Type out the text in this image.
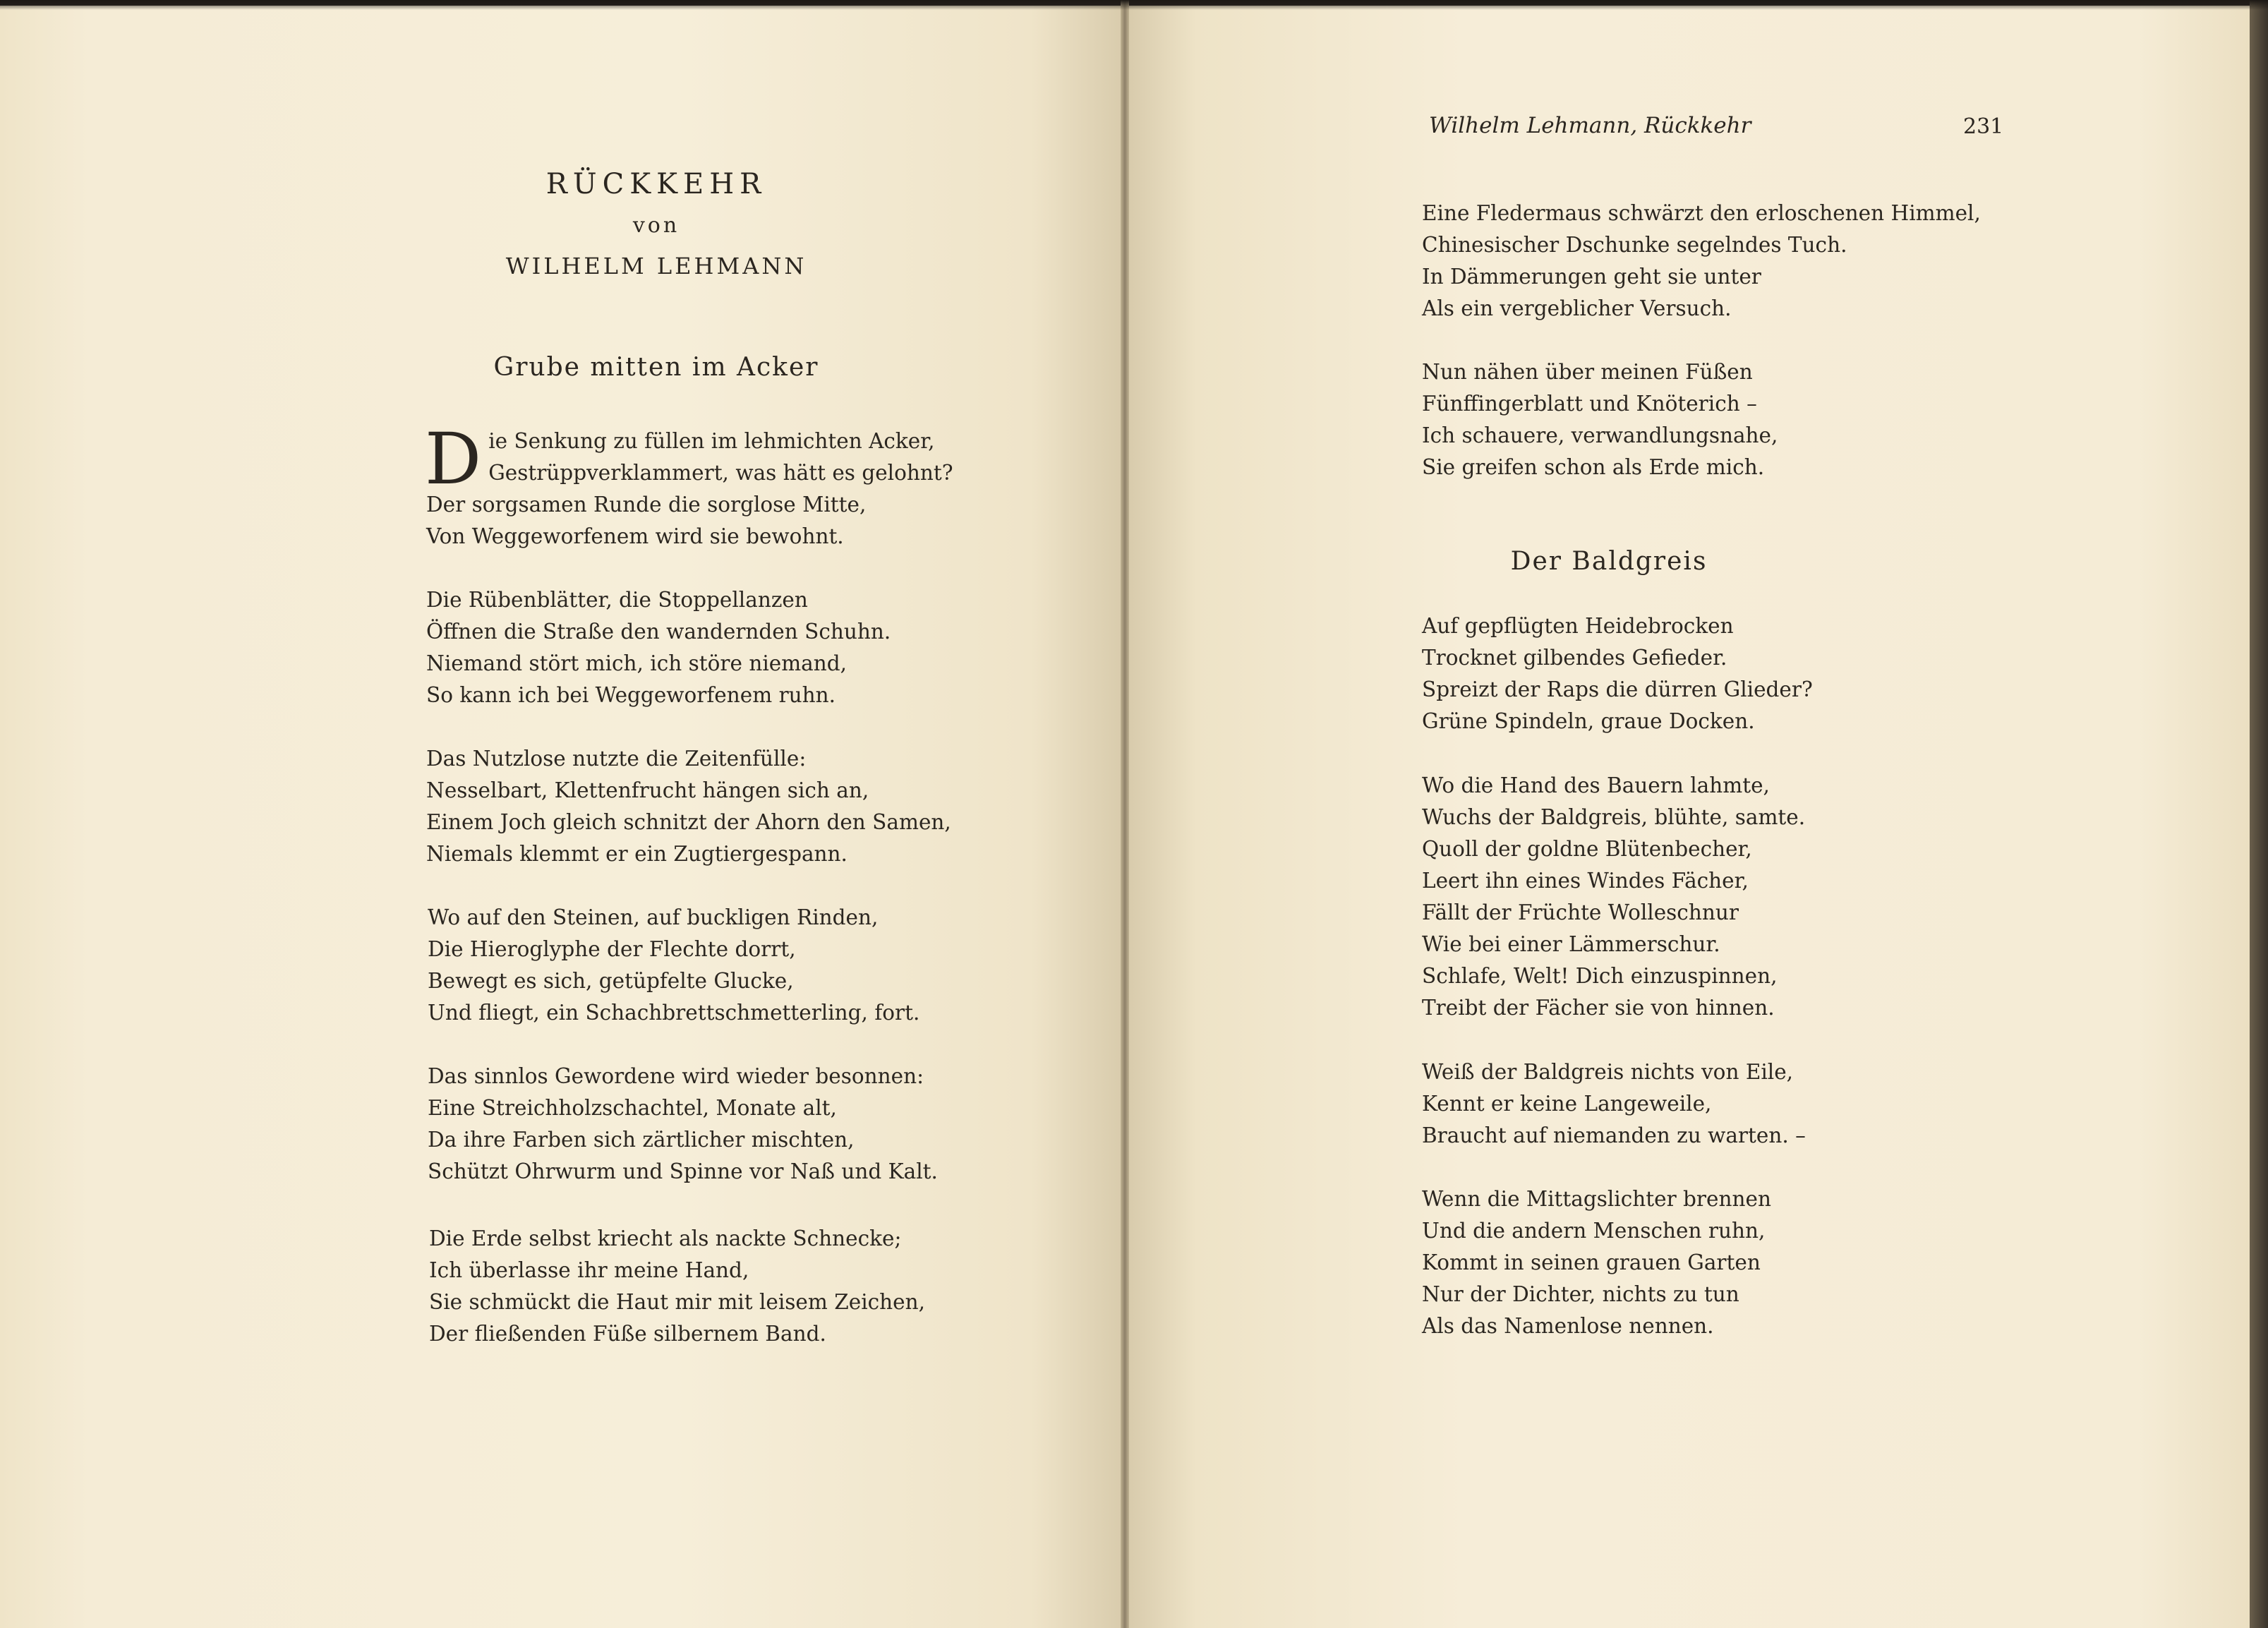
RÜCKKEHR
von
WILHELM LEHMANN
Grube mitten im Acker
D ie Senkung zu füllen im lehmichten Acker,
Gestrüppverklammert, was hätt es gelohnt?
Der sorgsamen Runde die sorglose Mitte,
Von Weggeworfenem wird sie bewohnt.
Die Rübenblätter, die Stoppellanzen
Öffnen die Straße den wandernden Schuhn.
Niemand stört mich, ich störe niemand,
So kann ich bei Weggeworfenem ruhn.
Das Nutzlose nutzte die Zeitenfülle:
Nesselbart, Klettenfrucht hängen sich an,
Einem Joch gleich schnitzt der Ahorn den Samen,
Niemals klemmt er ein Zugtiergespann.
Wo auf den Steinen, auf buckligen Rinden,
Die Hieroglyphe der Flechte dorrt,
Bewegt es sich, getüpfelte Glucke,
Und fliegt, ein Schachbrettschmetterling, fort.
Das sinnlos Gewordene wird wieder besonnen:
Eine Streichholzschachtel, Monate alt,
Da ihre Farben sich zärtlicher mischten,
Schützt Ohrwurm und Spinne vor Naß und Kalt.
Die Erde selbst kriecht als nackte Schnecke;
Ich überlasse ihr meine Hand,
Sie schmückt die Haut mir mit leisem Zeichen,
Der fließenden Füße silbernem Band.
Wilhelm Lehmann, Rückkehr	231
Eine Fledermaus schwärzt den erloschenen Himmel,
Chinesischer Dschunke segelndes Tuch.
In Dämmerungen geht sie unter
Als ein vergeblicher Versuch.
Nun nähen über meinen Füßen
Fünffingerblatt und Knöterich –
Ich schauere, verwandlungsnahe,
Sie greifen schon als Erde mich.
Der Baldgreis
Auf gepflügten Heidebrocken
Trocknet gilbendes Gefieder.
Spreizt der Raps die dürren Glieder?
Grüne Spindeln, graue Docken.
Wo die Hand des Bauern lahmte,
Wuchs der Baldgreis, blühte, samte.
Quoll der goldne Blütenbecher,
Leert ihn eines Windes Fächer,
Fällt der Früchte Wolleschnur
Wie bei einer Lämmerschur.
Schlafe, Welt! Dich einzuspinnen,
Treibt der Fächer sie von hinnen.
Weiß der Baldgreis nichts von Eile,
Kennt er keine Langeweile,
Braucht auf niemanden zu warten. –
Wenn die Mittagslichter brennen
Und die andern Menschen ruhn,
Kommt in seinen grauen Garten
Nur der Dichter, nichts zu tun
Als das Namenlose nennen.
